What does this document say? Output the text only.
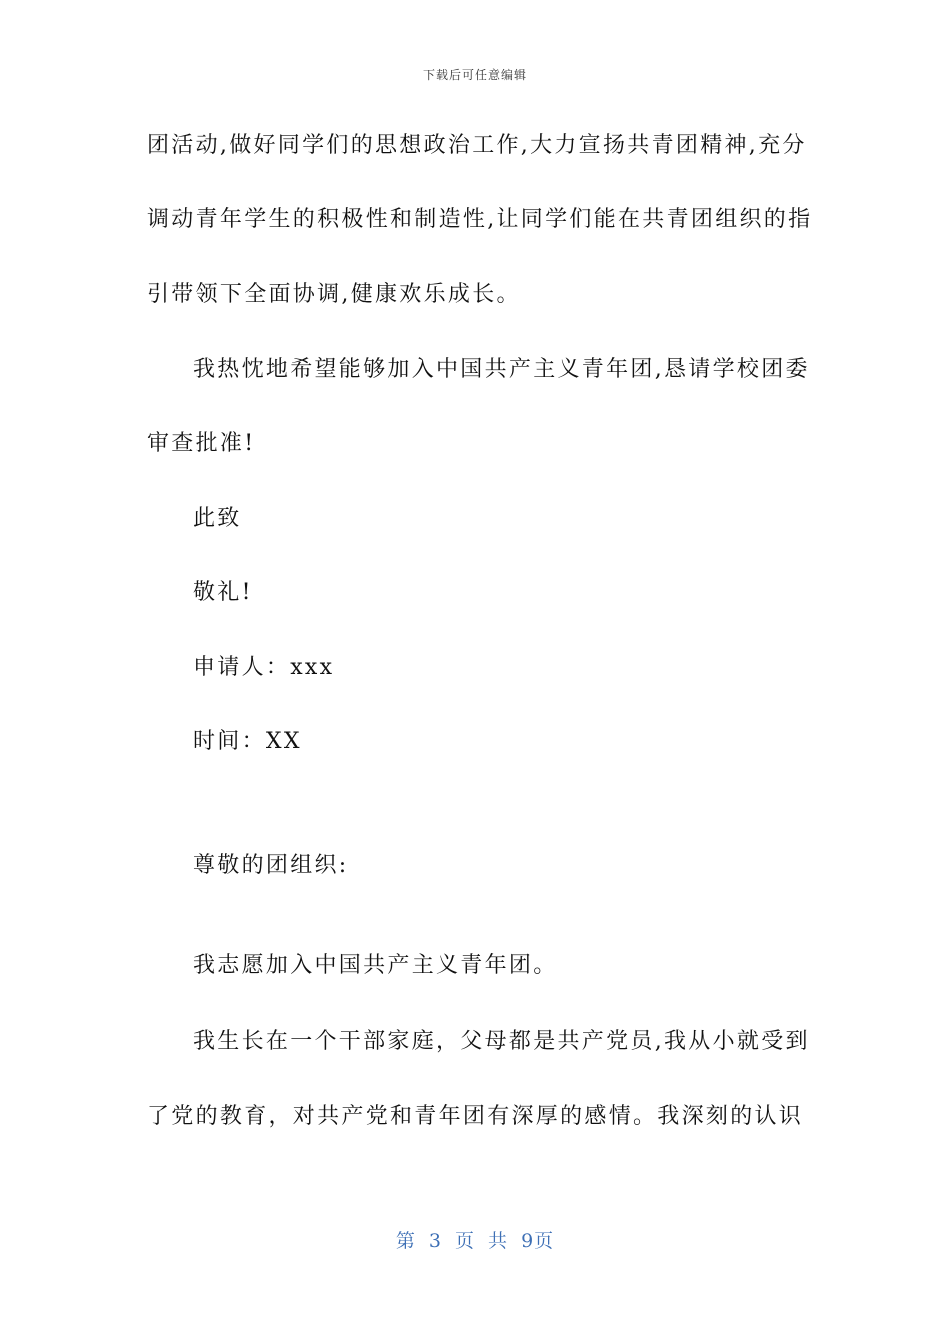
下载后可任意编辑
团活动,做好同学们的思想政治工作,大力宣扬共青团精神,充分
调动青年学生的积极性和制造性,让同学们能在共青团组织的指
引带领下全面协调,健康欢乐成长。
我热忱地希望能够加入中国共产主义青年团,恳请学校团委
审查批准!
此致
敬礼!
申请人：xxx
时间：XX
尊敬的团组织:
我志愿加入中国共产主义青年团。
我生长在一个干部家庭，父母都是共产党员,我从小就受到
了党的教育，对共产党和青年团有深厚的感情。我深刻的认识
第 3 页 共 9页
